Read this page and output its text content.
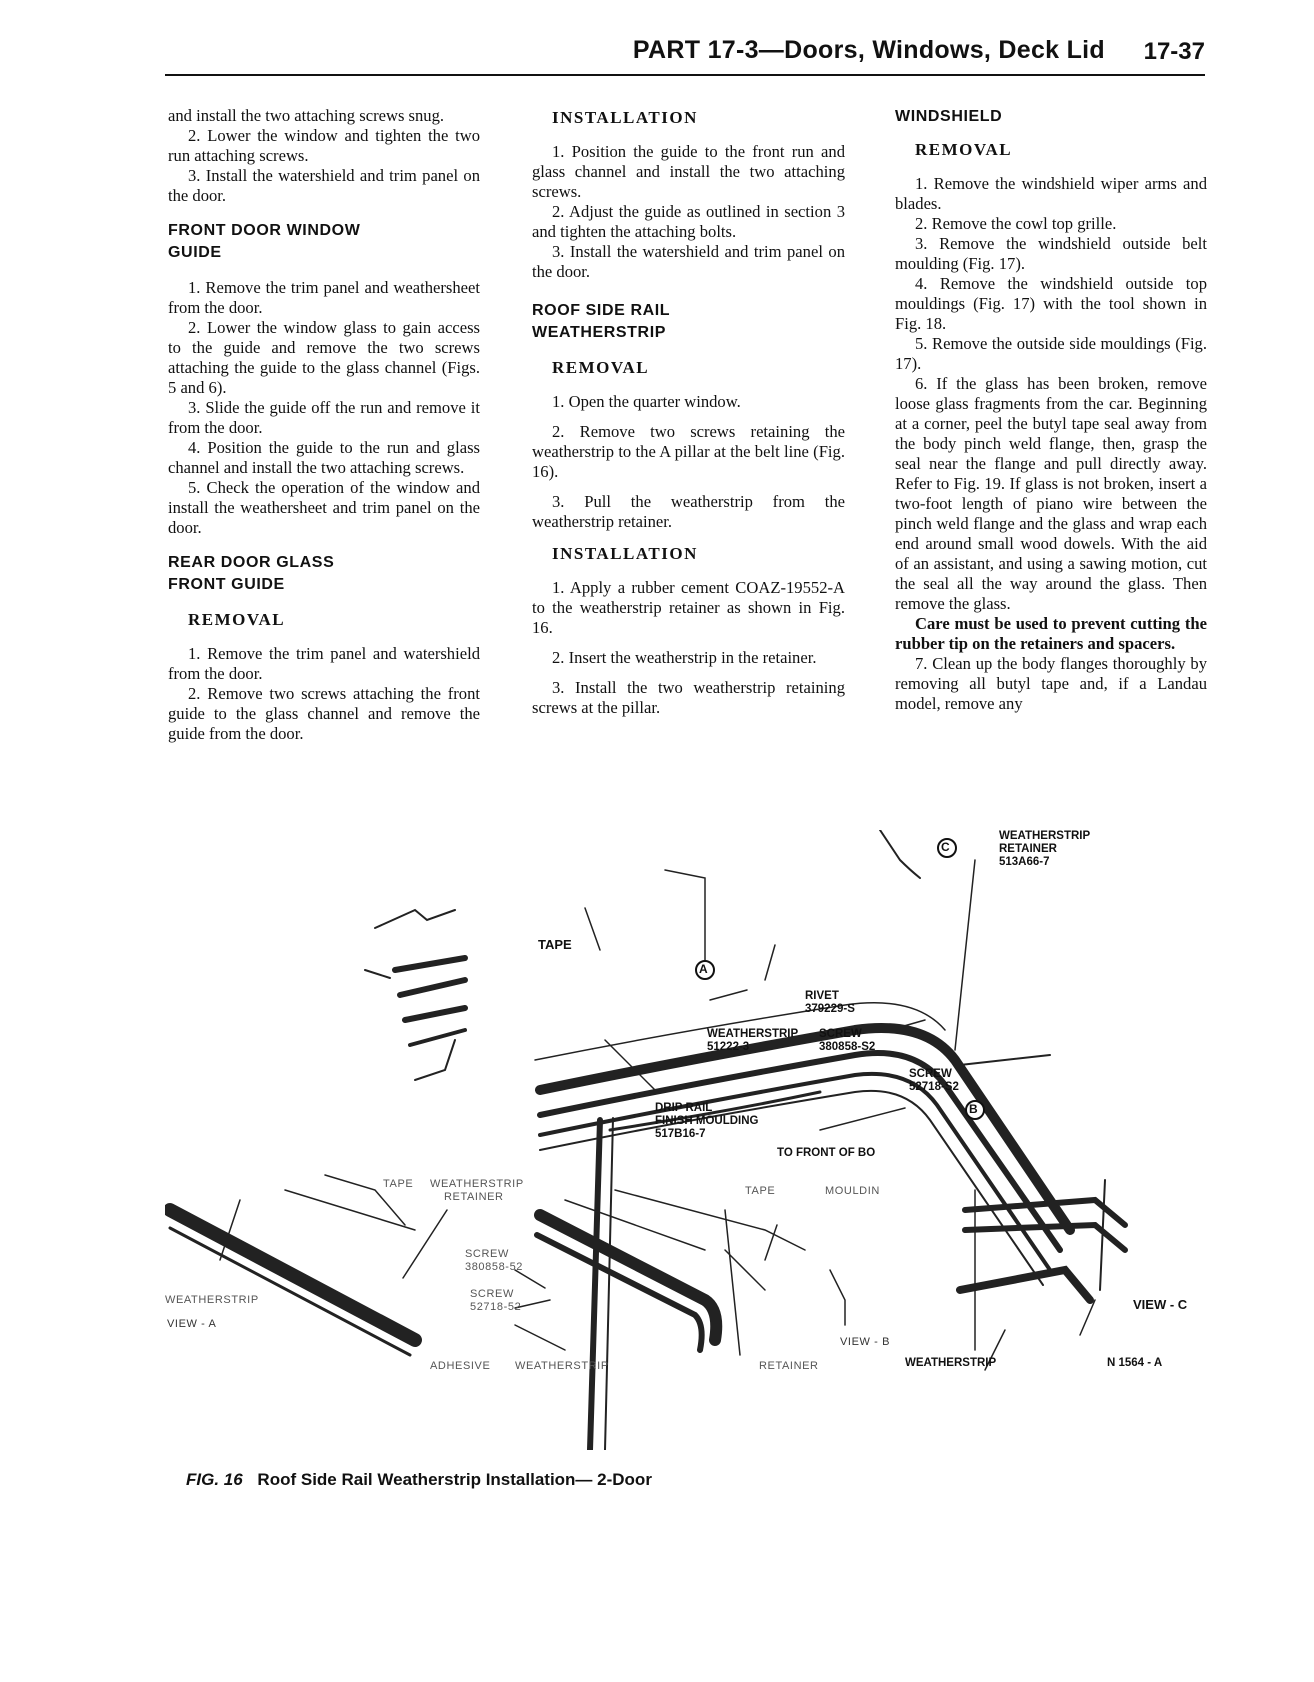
PART 17-3—Doors, Windows, Deck Lid 17-37

and install the two attaching screws snug.

2. Lower the window and tighten the two run attaching screws.

3. Install the watershield and trim panel on the door.

FRONT DOOR WINDOW
GUIDE

1. Remove the trim panel and weathersheet from the door.

2. Lower the window glass to gain access to the guide and remove the two screws attaching the guide to the glass channel (Figs. 5 and 6).

3. Slide the guide off the run and remove it from the door.

4. Position the guide to the run and glass channel and install the two attaching screws.

5. Check the operation of the window and install the weathersheet and trim panel on the door.

REAR DOOR GLASS
FRONT GUIDE
REMOVAL

1. Remove the trim panel and watershield from the door.

2. Remove two screws attaching the front guide to the glass channel and remove the guide from the door.

INSTALLATION

1. Position the guide to the front run and glass channel and install the two attaching screws.

2. Adjust the guide as outlined in section 3 and tighten the attaching bolts.

3. Install the watershield and trim panel on the door.

ROOF SIDE RAIL
WEATHERSTRIP
REMOVAL

1. Open the quarter window.

2. Remove two screws retaining the weatherstrip to the A pillar at the belt line (Fig. 16).

3. Pull the weatherstrip from the weatherstrip retainer.

INSTALLATION

1. Apply a rubber cement COAZ-19552-A to the weatherstrip retainer as shown in Fig. 16.

2. Insert the weatherstrip in the retainer.

3. Install the two weatherstrip retaining screws at the pillar.

WINDSHIELD
REMOVAL

1. Remove the windshield wiper arms and blades.

2. Remove the cowl top grille.

3. Remove the windshield outside belt moulding (Fig. 17).

4. Remove the windshield outside top mouldings (Fig. 17) with the tool shown in Fig. 18.

5. Remove the outside side mouldings (Fig. 17).

6. If the glass has been broken, remove loose glass fragments from the car. Beginning at a corner, peel the butyl tape seal away from the body pinch weld flange, then, grasp the seal near the flange and pull directly away. Refer to Fig. 19. If glass is not broken, insert a two-foot length of piano wire between the pinch weld flange and the glass and wrap each end around small wood dowels. With the aid of an assistant, and using a sawing motion, cut the seal all the way around the glass. Then remove the glass.

Care must be used to prevent cutting the rubber tip on the retainers and spacers.

7. Clean up the body flanges thoroughly by removing all butyl tape and, if a Landau model, remove any

C
WEATHERSTRIP
RETAINER
513A66-7
TAPE
A
RIVET
379229-S
WEATHERSTRIP
51222-3
SCREW
380858-S2
SCREW
52718-S2
DRIP RAIL
FINISH MOULDING
517B16-7
B
TO FRONT OF BO
TAPE WEATHERSTRIP
RETAINER
SCREW
380858-52
SCREW
52718-52
WEATHERSTRIP
VIEW - A
ADHESIVE WEATHERSTRIP
TAPE	MOULDIN
VIEW - B
RETAINER
VIEW - C
WEATHERSTRIP	N 1564 - A
FIG. 16 Roof Side Rail Weatherstrip Installation— 2-Door
